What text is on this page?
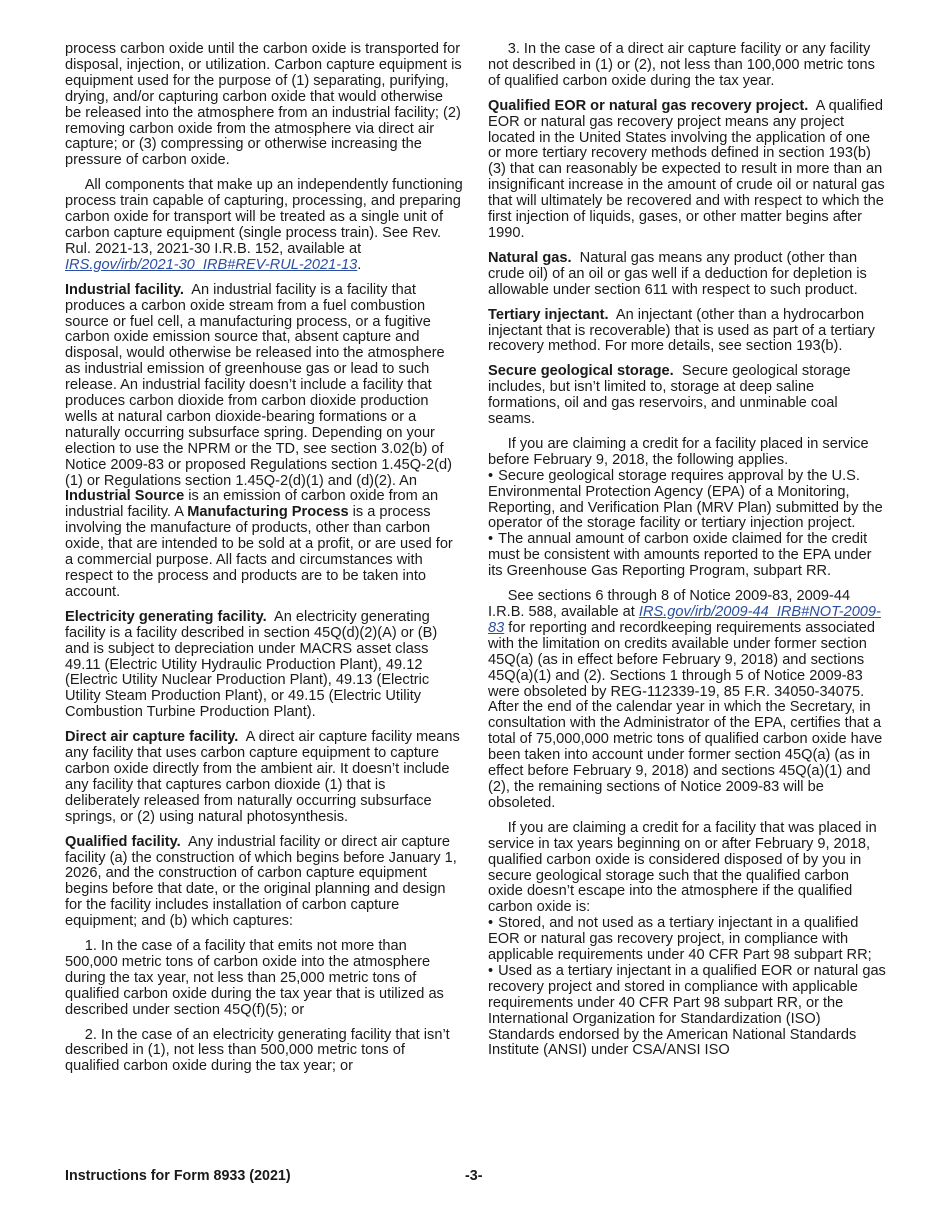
process carbon oxide until the carbon oxide is transported for disposal, injection, or utilization. Carbon capture equipment is equipment used for the purpose of (1) separating, purifying, drying, and/or capturing carbon oxide that would otherwise be released into the atmosphere from an industrial facility; (2) removing carbon oxide from the atmosphere via direct air capture; or (3) compressing or otherwise increasing the pressure of carbon oxide.

All components that make up an independently functioning process train capable of capturing, processing, and preparing carbon oxide for transport will be treated as a single unit of carbon capture equipment (single process train). See Rev. Rul. 2021-13, 2021-30 I.R.B. 152, available at IRS.gov/irb/2021-30_IRB#REV-RUL-2021-13.

Industrial facility. An industrial facility is a facility that produces a carbon oxide stream from a fuel combustion source or fuel cell, a manufacturing process, or a fugitive carbon oxide emission source that, absent capture and disposal, would otherwise be released into the atmosphere as industrial emission of greenhouse gas or lead to such release. An industrial facility doesn’t include a facility that produces carbon dioxide from carbon dioxide production wells at natural carbon dioxide-bearing formations or a naturally occurring subsurface spring. Depending on your election to use the NPRM or the TD, see section 3.02(b) of Notice 2009-83 or proposed Regulations section 1.45Q-2(d)(1) or Regulations section 1.45Q-2(d)(1) and (d)(2). An Industrial Source is an emission of carbon oxide from an industrial facility. A Manufacturing Process is a process involving the manufacture of products, other than carbon oxide, that are intended to be sold at a profit, or are used for a commercial purpose. All facts and circumstances with respect to the process and products are to be taken into account.

Electricity generating facility. An electricity generating facility is a facility described in section 45Q(d)(2)(A) or (B) and is subject to depreciation under MACRS asset class 49.11 (Electric Utility Hydraulic Production Plant), 49.12 (Electric Utility Nuclear Production Plant), 49.13 (Electric Utility Steam Production Plant), or 49.15 (Electric Utility Combustion Turbine Production Plant).

Direct air capture facility. A direct air capture facility means any facility that uses carbon capture equipment to capture carbon oxide directly from the ambient air. It doesn’t include any facility that captures carbon dioxide (1) that is deliberately released from naturally occurring subsurface springs, or (2) using natural photosynthesis.

Qualified facility. Any industrial facility or direct air capture facility (a) the construction of which begins before January 1, 2026, and the construction of carbon capture equipment begins before that date, or the original planning and design for the facility includes installation of carbon capture equipment; and (b) which captures:

1. In the case of a facility that emits not more than 500,000 metric tons of carbon oxide into the atmosphere during the tax year, not less than 25,000 metric tons of qualified carbon oxide during the tax year that is utilized as described under section 45Q(f)(5); or

2. In the case of an electricity generating facility that isn’t described in (1), not less than 500,000 metric tons of qualified carbon oxide during the tax year; or

3. In the case of a direct air capture facility or any facility not described in (1) or (2), not less than 100,000 metric tons of qualified carbon oxide during the tax year.

Qualified EOR or natural gas recovery project. A qualified EOR or natural gas recovery project means any project located in the United States involving the application of one or more tertiary recovery methods defined in section 193(b)(3) that can reasonably be expected to result in more than an insignificant increase in the amount of crude oil or natural gas that will ultimately be recovered and with respect to which the first injection of liquids, gases, or other matter begins after 1990.

Natural gas. Natural gas means any product (other than crude oil) of an oil or gas well if a deduction for depletion is allowable under section 611 with respect to such product.

Tertiary injectant. An injectant (other than a hydrocarbon injectant that is recoverable) that is used as part of a tertiary recovery method. For more details, see section 193(b).

Secure geological storage. Secure geological storage includes, but isn’t limited to, storage at deep saline formations, oil and gas reservoirs, and unminable coal seams.

If you are claiming a credit for a facility placed in service before February 9, 2018, the following applies.

• Secure geological storage requires approval by the U.S. Environmental Protection Agency (EPA) of a Monitoring, Reporting, and Verification Plan (MRV Plan) submitted by the operator of the storage facility or tertiary injection project.

• The annual amount of carbon oxide claimed for the credit must be consistent with amounts reported to the EPA under its Greenhouse Gas Reporting Program, subpart RR.

See sections 6 through 8 of Notice 2009-83, 2009-44 I.R.B. 588, available at IRS.gov/irb/2009-44_IRB#NOT-2009-83 for reporting and recordkeeping requirements associated with the limitation on credits available under former section 45Q(a) (as in effect before February 9, 2018) and sections 45Q(a)(1) and (2). Sections 1 through 5 of Notice 2009-83 were obsoleted by REG-112339-19, 85 F.R. 34050-34075. After the end of the calendar year in which the Secretary, in consultation with the Administrator of the EPA, certifies that a total of 75,000,000 metric tons of qualified carbon oxide have been taken into account under former section 45Q(a) (as in effect before February 9, 2018) and sections 45Q(a)(1) and (2), the remaining sections of Notice 2009-83 will be obsoleted.

If you are claiming a credit for a facility that was placed in service in tax years beginning on or after February 9, 2018, qualified carbon oxide is considered disposed of by you in secure geological storage such that the qualified carbon oxide doesn’t escape into the atmosphere if the qualified carbon oxide is:

• Stored, and not used as a tertiary injectant in a qualified EOR or natural gas recovery project, in compliance with applicable requirements under 40 CFR Part 98 subpart RR;

• Used as a tertiary injectant in a qualified EOR or natural gas recovery project and stored in compliance with applicable requirements under 40 CFR Part 98 subpart RR, or the International Organization for Standardization (ISO) Standards endorsed by the American National Standards Institute (ANSI) under CSA/ANSI ISO

Instructions for Form 8933 (2021)	-3-
